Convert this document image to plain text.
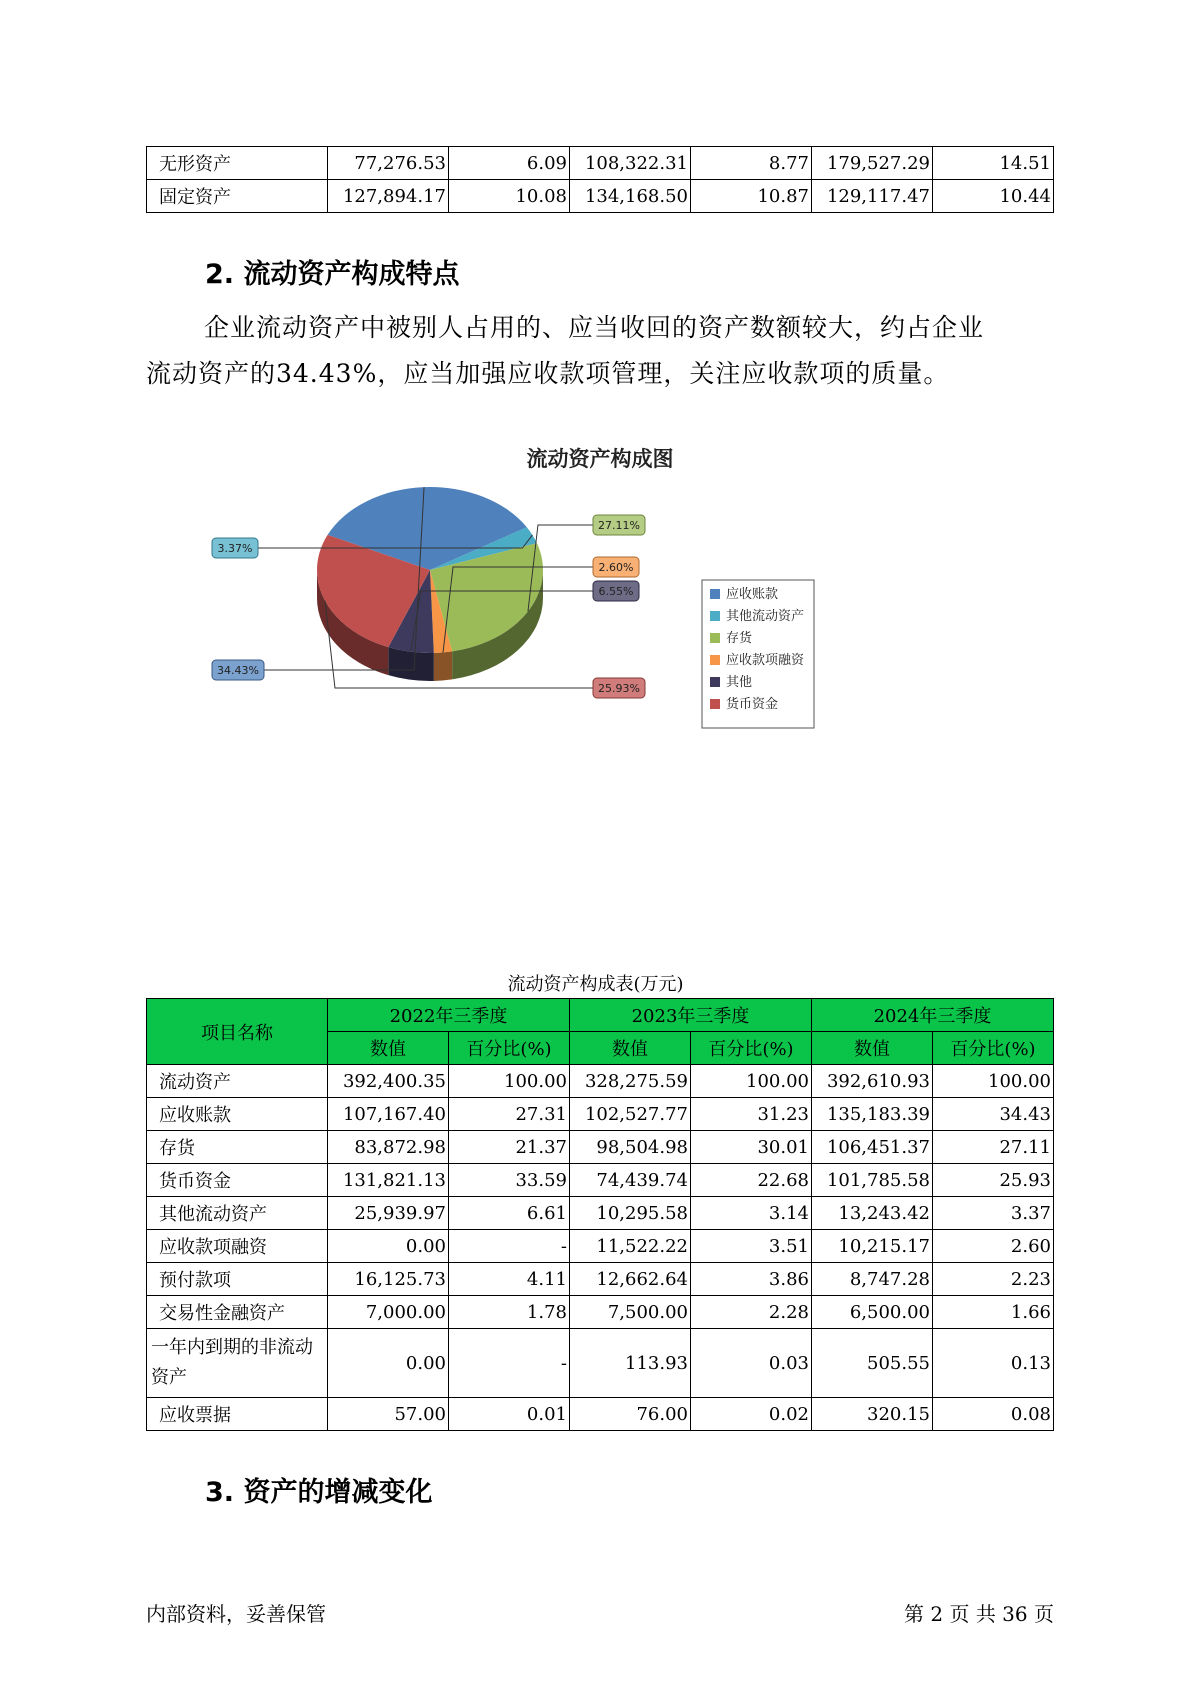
无形资产	77,276.53	6.09	108,322.31	8.77	179,527.29	14.51
固定资产	127,894.17	10.08	134,168.50	10.87	129,117.47	10.44
2. 流动资产构成特点
企业流动资产中被别人占用的、应当收回的资产数额较大，约占企业
流动资产的34.43%，应当加强应收款项管理，关注应收款项的质量。
流动资产构成图
34.43%
3.37%
27.11%
2.60%
6.55%
25.93%
应收账款
其他流动资产
存货
应收款项融资
其他
货币资金
流动资产构成表(万元)
项目名称	2022年三季度		2023年三季度		2024年三季度	
	数值	百分比(%)	数值	百分比(%)	数值	百分比(%)
流动资产	392,400.35	100.00	328,275.59	100.00	392,610.93	100.00
应收账款	107,167.40	27.31	102,527.77	31.23	135,183.39	34.43
存货	83,872.98	21.37	98,504.98	30.01	106,451.37	27.11
货币资金	131,821.13	33.59	74,439.74	22.68	101,785.58	25.93
其他流动资产	25,939.97	6.61	10,295.58	3.14	13,243.42	3.37
应收款项融资	0.00	-	11,522.22	3.51	10,215.17	2.60
预付款项	16,125.73	4.11	12,662.64	3.86	8,747.28	2.23
交易性金融资产	7,000.00	1.78	7,500.00	2.28	6,500.00	1.66
一年内到期的非流动资产	0.00	-	113.93	0.03	505.55	0.13
应收票据	57.00	0.01	76.00	0.02	320.15	0.08
3. 资产的增减变化
内部资料，妥善保管	第 2 页 共 36 页
